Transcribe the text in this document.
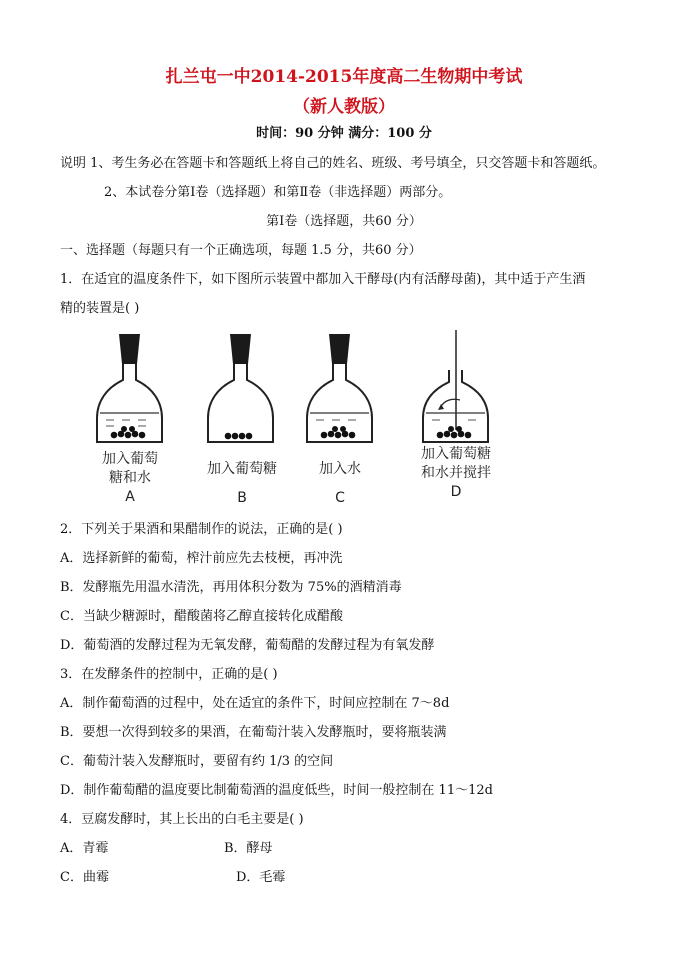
扎兰屯一中2014-2015年度高二生物期中考试
（新人教版）
时间：90 分钟 满分：100 分
说明 1、考生务必在答题卡和答题纸上将自己的姓名、班级、考号填全，只交答题卡和答题纸。
2、本试卷分第Ⅰ卷（选择题）和第Ⅱ卷（非选择题）两部分。
第Ⅰ卷（选择题，共60 分）
一、选择题（每题只有一个正确选项，每题 1.5 分，共60 分）
1．在适宜的温度条件下，如下图所示装置中都加入干酵母(内有活酵母菌)，其中适于产生酒
精的装置是( )
加入葡萄
糖和水
A
加入葡萄糖
B
加入水
C
加入葡萄糖
和水并搅拌
D
2．下列关于果酒和果醋制作的说法，正确的是( )
A．选择新鲜的葡萄，榨汁前应先去枝梗，再冲洗
B．发酵瓶先用温水清洗，再用体积分数为 75%的酒精消毒
C．当缺少糖源时，醋酸菌将乙醇直接转化成醋酸
D．葡萄酒的发酵过程为无氧发酵，葡萄醋的发酵过程为有氧发酵
3．在发酵条件的控制中，正确的是( )
A．制作葡萄酒的过程中，处在适宜的条件下，时间应控制在 7～8d
B．要想一次得到较多的果酒，在葡萄汁装入发酵瓶时，要将瓶装满
C．葡萄汁装入发酵瓶时，要留有约 1/3 的空间
D．制作葡萄醋的温度要比制葡萄酒的温度低些，时间一般控制在 11～12d
4．豆腐发酵时，其上长出的白毛主要是( )
A．青霉	B．酵母
C．曲霉	D．毛霉
